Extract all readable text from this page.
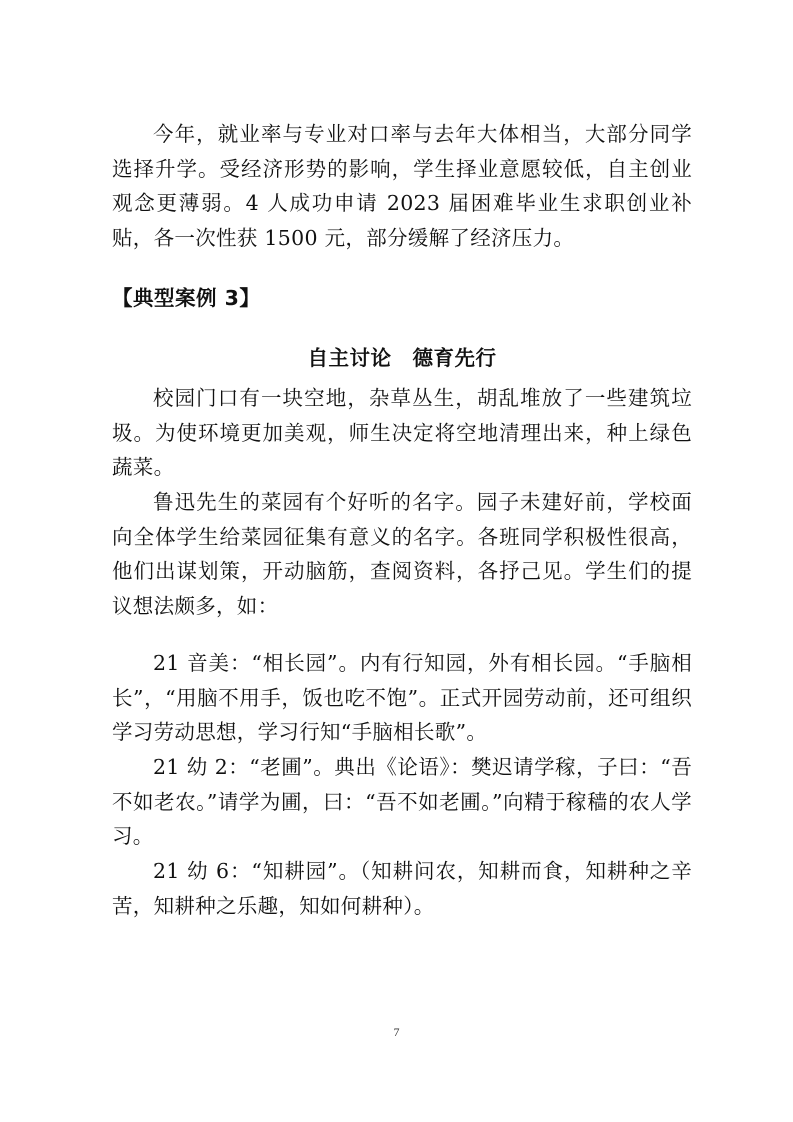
今年，就业率与专业对口率与去年大体相当，大部分同学选择升学。受经济形势的影响，学生择业意愿较低，自主创业观念更薄弱。4 人成功申请 2023 届困难毕业生求职创业补贴，各一次性获 1500 元，部分缓解了经济压力。

【典型案例 3】

自主讨论　德育先行

校园门口有一块空地，杂草丛生，胡乱堆放了一些建筑垃圾。为使环境更加美观，师生决定将空地清理出来，种上绿色蔬菜。

鲁迅先生的菜园有个好听的名字。园子未建好前，学校面向全体学生给菜园征集有意义的名字。各班同学积极性很高，他们出谋划策，开动脑筋，查阅资料，各抒己见。学生们的提议想法颇多，如：

21 音美：“相长园”。内有行知园，外有相长园。“手脑相长”，“用脑不用手，饭也吃不饱”。正式开园劳动前，还可组织学习劳动思想，学习行知“手脑相长歌”。

21 幼 2：“老圃”。典出《论语》：樊迟请学稼，子曰：“吾不如老农。”请学为圃，曰：“吾不如老圃。”向精于稼穑的农人学习。

21 幼 6：“知耕园”。（知耕问农，知耕而食，知耕种之辛苦，知耕种之乐趣，知如何耕种）。

7
